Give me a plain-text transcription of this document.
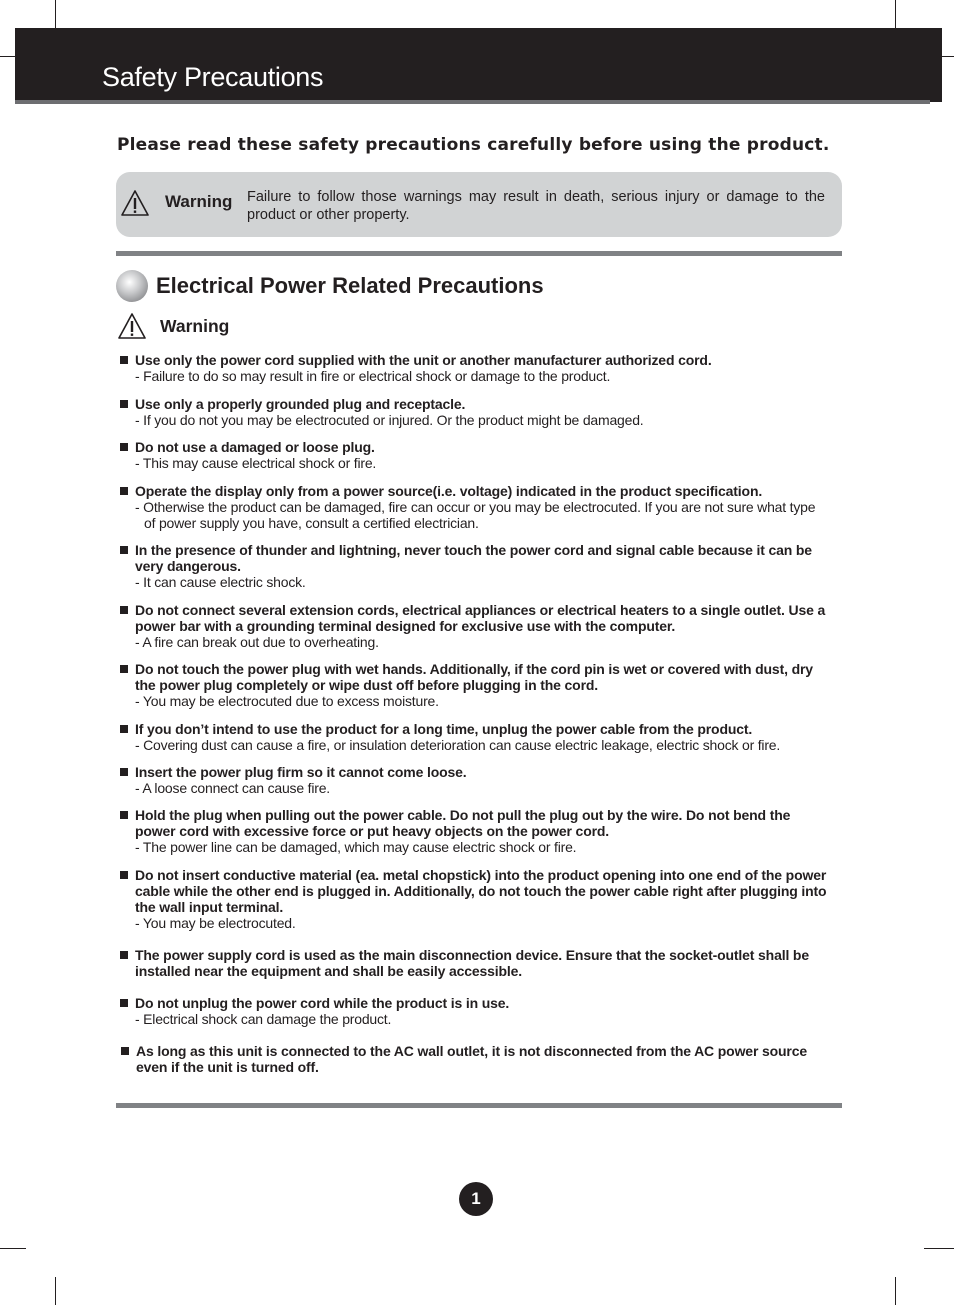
Safety Precautions
Please read these safety precautions carefully before using the product.
Warning Failure to follow those warnings may result in death, serious injury or damage to the product or other property.
Electrical Power Related Precautions
Warning
Use only the power cord supplied with the unit or another manufacturer authorized cord.
- Failure to do so may result in fire or electrical shock or damage to the product.
Use only a properly grounded plug and receptacle.
- If you do not you may be electrocuted or injured. Or the product might be damaged.
Do not use a damaged or loose plug.
- This may cause electrical shock or fire.
Operate the display only from a power source(i.e. voltage) indicated in the product specification.
- Otherwise the product can be damaged, fire can occur or you may be electrocuted. If you are not sure what type of power supply you have, consult a certified electrician.
In the presence of thunder and lightning, never touch the power cord and signal cable because it can be very dangerous.
- It can cause electric shock.
Do not connect several extension cords, electrical appliances or electrical heaters to a single outlet. Use a power bar with a grounding terminal designed for exclusive use with the computer.
- A fire can break out due to overheating.
Do not touch the power plug with wet hands. Additionally, if the cord pin is wet or covered with dust, dry the power plug completely or wipe dust off before plugging in the cord.
- You may be electrocuted due to excess moisture.
If you don’t intend to use the product for a long time, unplug the power cable from the product.
- Covering dust can cause a fire, or insulation deterioration can cause electric leakage, electric shock or fire.
Insert the power plug firm so it cannot come loose.
- A loose connect can cause fire.
Hold the plug when pulling out the power cable. Do not pull the plug out by the wire. Do not bend the power cord with excessive force or put heavy objects on the power cord.
- The power line can be damaged, which may cause electric shock or fire.
Do not insert conductive material (ea. metal chopstick) into the product opening into one end of the power cable while the other end is plugged in. Additionally, do not touch the power cable right after plugging into the wall input terminal.
- You may be electrocuted.
The power supply cord is used as the main disconnection device. Ensure that the socket-outlet shall be installed near the equipment and shall be easily accessible.
Do not unplug the power cord while the product is in use.
- Electrical shock can damage the product.
As long as this unit is connected to the AC wall outlet, it is not disconnected from the AC power source even if the unit is turned off.
1
